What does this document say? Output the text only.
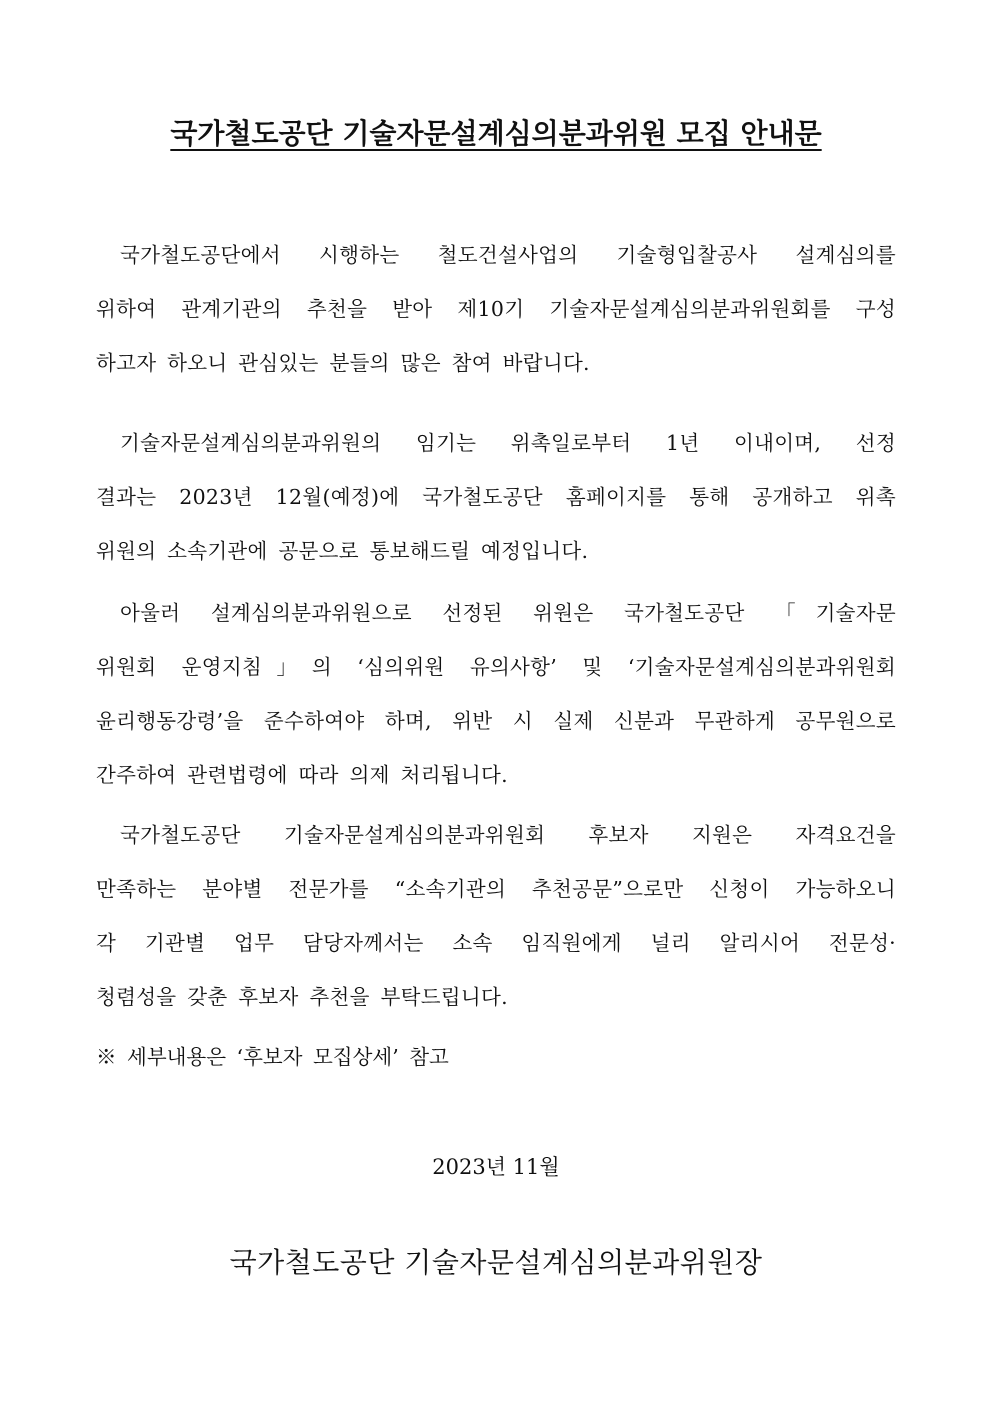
국가철도공단 기술자문설계심의분과위원 모집 안내문
국가철도공단에서 시행하는 철도건설사업의 기술형입찰공사 설계심의를
위하여 관계기관의 추천을 받아 제10기 기술자문설계심의분과위원회를 구성
하고자 하오니 관심있는 분들의 많은 참여 바랍니다.
기술자문설계심의분과위원의 임기는 위촉일로부터 1년 이내이며, 선정
결과는 2023년 12월(예정)에 국가철도공단 홈페이지를 통해 공개하고 위촉
위원의 소속기관에 공문으로 통보해드릴 예정입니다.
아울러 설계심의분과위원으로 선정된 위원은 국가철도공단 「기술자문
위원회 운영지침」의 ‘심의위원 유의사항’ 및 ‘기술자문설계심의분과위원회
윤리행동강령’을 준수하여야 하며, 위반 시 실제 신분과 무관하게 공무원으로
간주하여 관련법령에 따라 의제 처리됩니다.
국가철도공단 기술자문설계심의분과위원회 후보자 지원은 자격요건을
만족하는 분야별 전문가를 “소속기관의 추천공문”으로만 신청이 가능하오니
각 기관별 업무 담당자께서는 소속 임직원에게 널리 알리시어 전문성·
청렴성을 갖춘 후보자 추천을 부탁드립니다.
※ 세부내용은 ‘후보자 모집상세’ 참고
2023년 11월
국가철도공단 기술자문설계심의분과위원장
